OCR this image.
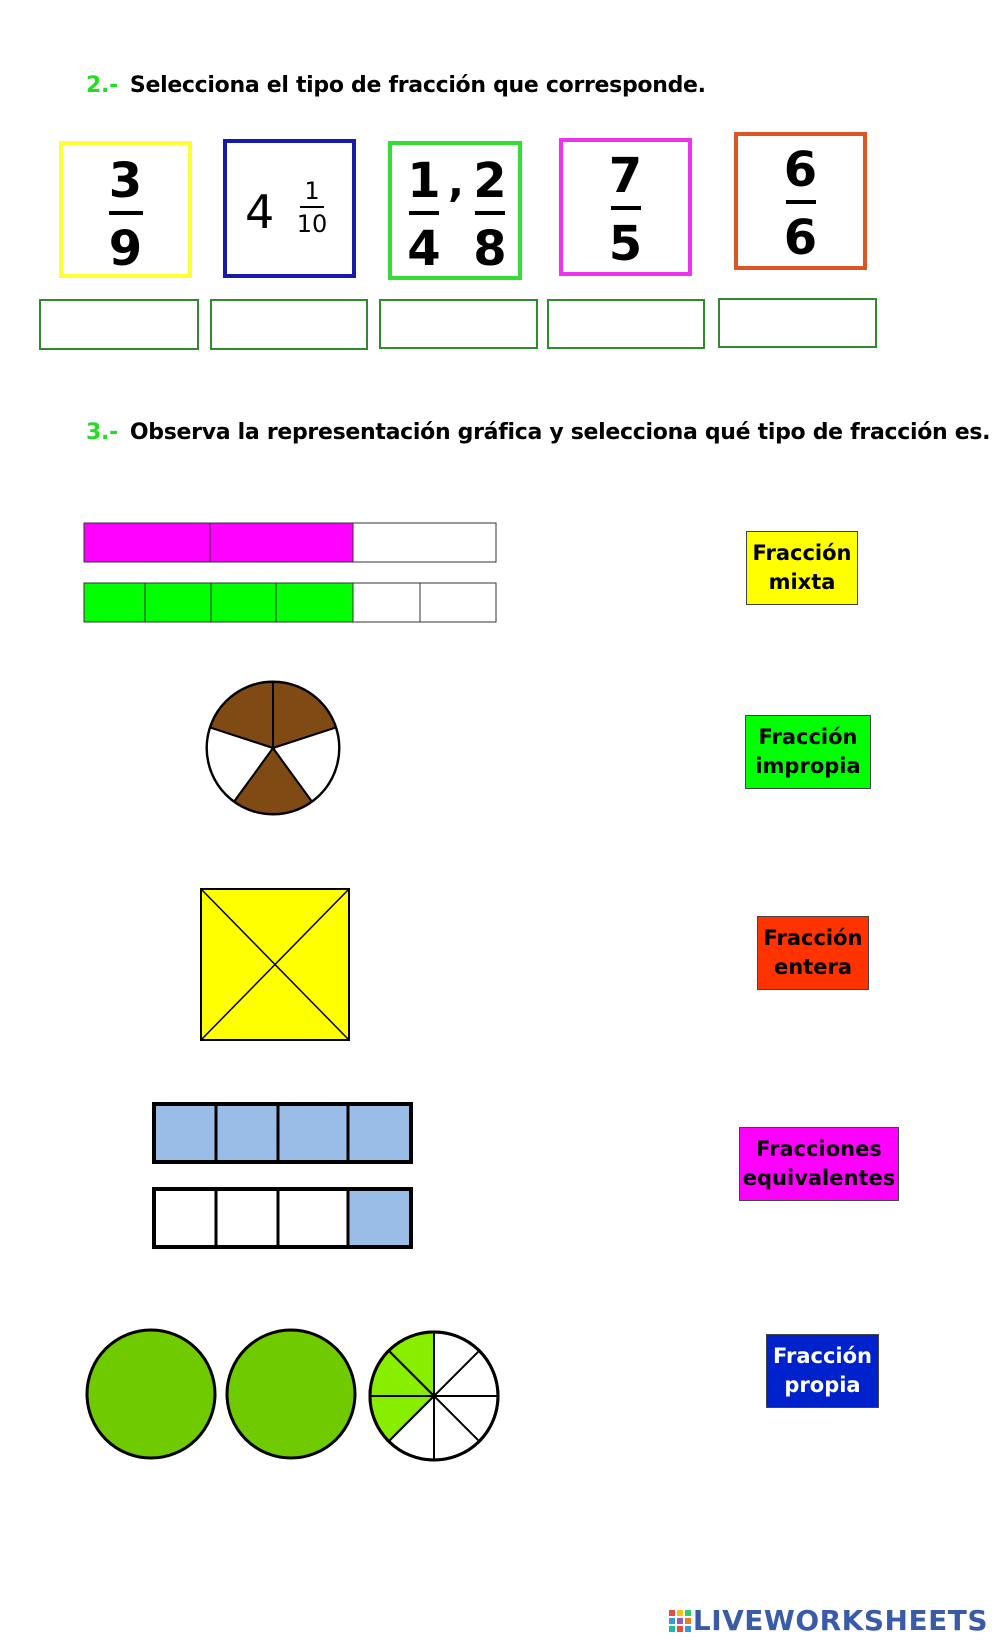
2.- Selecciona el tipo de fracción que corresponde.
3
9
4	1
10
1
4
, 2
8
7
5
6
6
3.- Observa la representación gráfica y selecciona qué tipo de fracción es.
Fracción
mixta
Fracción
impropia
Fracción
entera
Fracciones
equivalentes
Fracción
propia
LIVEWORKSHEETS
